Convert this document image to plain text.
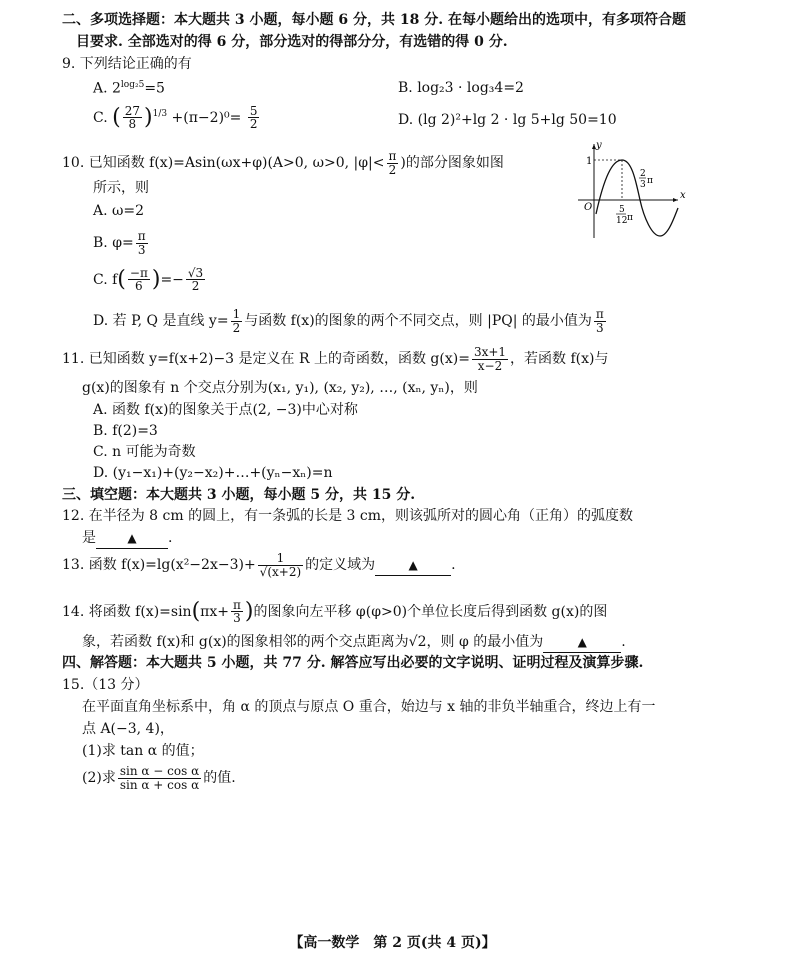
二、多项选择题：本大题共 3 小题，每小题 6 分，共 18 分. 在每小题给出的选项中，有多项符合题
目要求. 全部选对的得 6 分，部分选对的得部分分，有选错的得 0 分.
9. 下列结论正确的有
A. $2^{log_25}=5$	B. log₂3 · log₃4=2
C. ( $\frac{27}{8} )^{1/3} +(\pi-2)^0= \frac{5}{2}$	D. (lg 2)²+lg 2 · lg 5+lg 50=10
10. 已知函数 f(x)=Asin(ωx+φ)(A>0, ω>0, $|\varphi|< \frac{\pi}{2}$ )的部分图象如图
所示，则
A. ω=2
B. $\varphi= \frac{\pi}{3}$
C. $f( \frac{-\pi}{6}$ )=− $\frac{√3}{2}$
D. 若 P, Q 是直线 $y= \frac{1}{2}$ 与函数 f(x)的图象的两个不同交点，则 |PQ| 的最小值为 $\frac{\pi}{3}$
y
x
O
1
5
12 π
2
3 π
11. 已知函数 y=f(x+2)−3 是定义在 R 上的奇函数，函数 $g(x)= \frac{3x+1}{x-2}$ ，若函数 f(x)与
g(x)的图象有 n 个交点分别为(x₁, y₁), (x₂, y₂), …, (xₙ, yₙ)，则
A. 函数 f(x)的图象关于点(2, −3)中心对称
B. f(2)=3
C. n 可能为奇数
D. (y₁−x₁)+(y₂−x₂)+…+(yₙ−xₙ)=n
三、填空题：本大题共 3 小题，每小题 5 分，共 15 分.
12. 在半径为 8 cm 的圆上，有一条弧的长是 3 cm，则该弧所对的圆心角（正角）的弧度数
是	▲ .
13. 函数 $f(x)=\lg(x^2-2x-3)+ \frac{1}{√(x+2)}$ 的定义域为	▲ .
14. 将函数 $f(x)=\sin(\pi x+ \frac{\pi}{3}$ )的图象向左平移 φ(φ>0)个单位长度后得到函数 g(x)的图
象，若函数 f(x)和 g(x)的图象相邻的两个交点距离为√2，则 φ 的最小值为	▲ .
四、解答题：本大题共 5 小题，共 77 分. 解答应写出必要的文字说明、证明过程及演算步骤.
15.（13 分）
在平面直角坐标系中，角 α 的顶点与原点 O 重合，始边与 x 轴的非负半轴重合，终边上有一
点 A(−3, 4)，
(1)求 tan α 的值；
(2)求 $\frac{\text{sin α − cos α}}{\text{sin α + cos α}}$ 的值.
【高一数学　第 2 页(共 4 页)】
